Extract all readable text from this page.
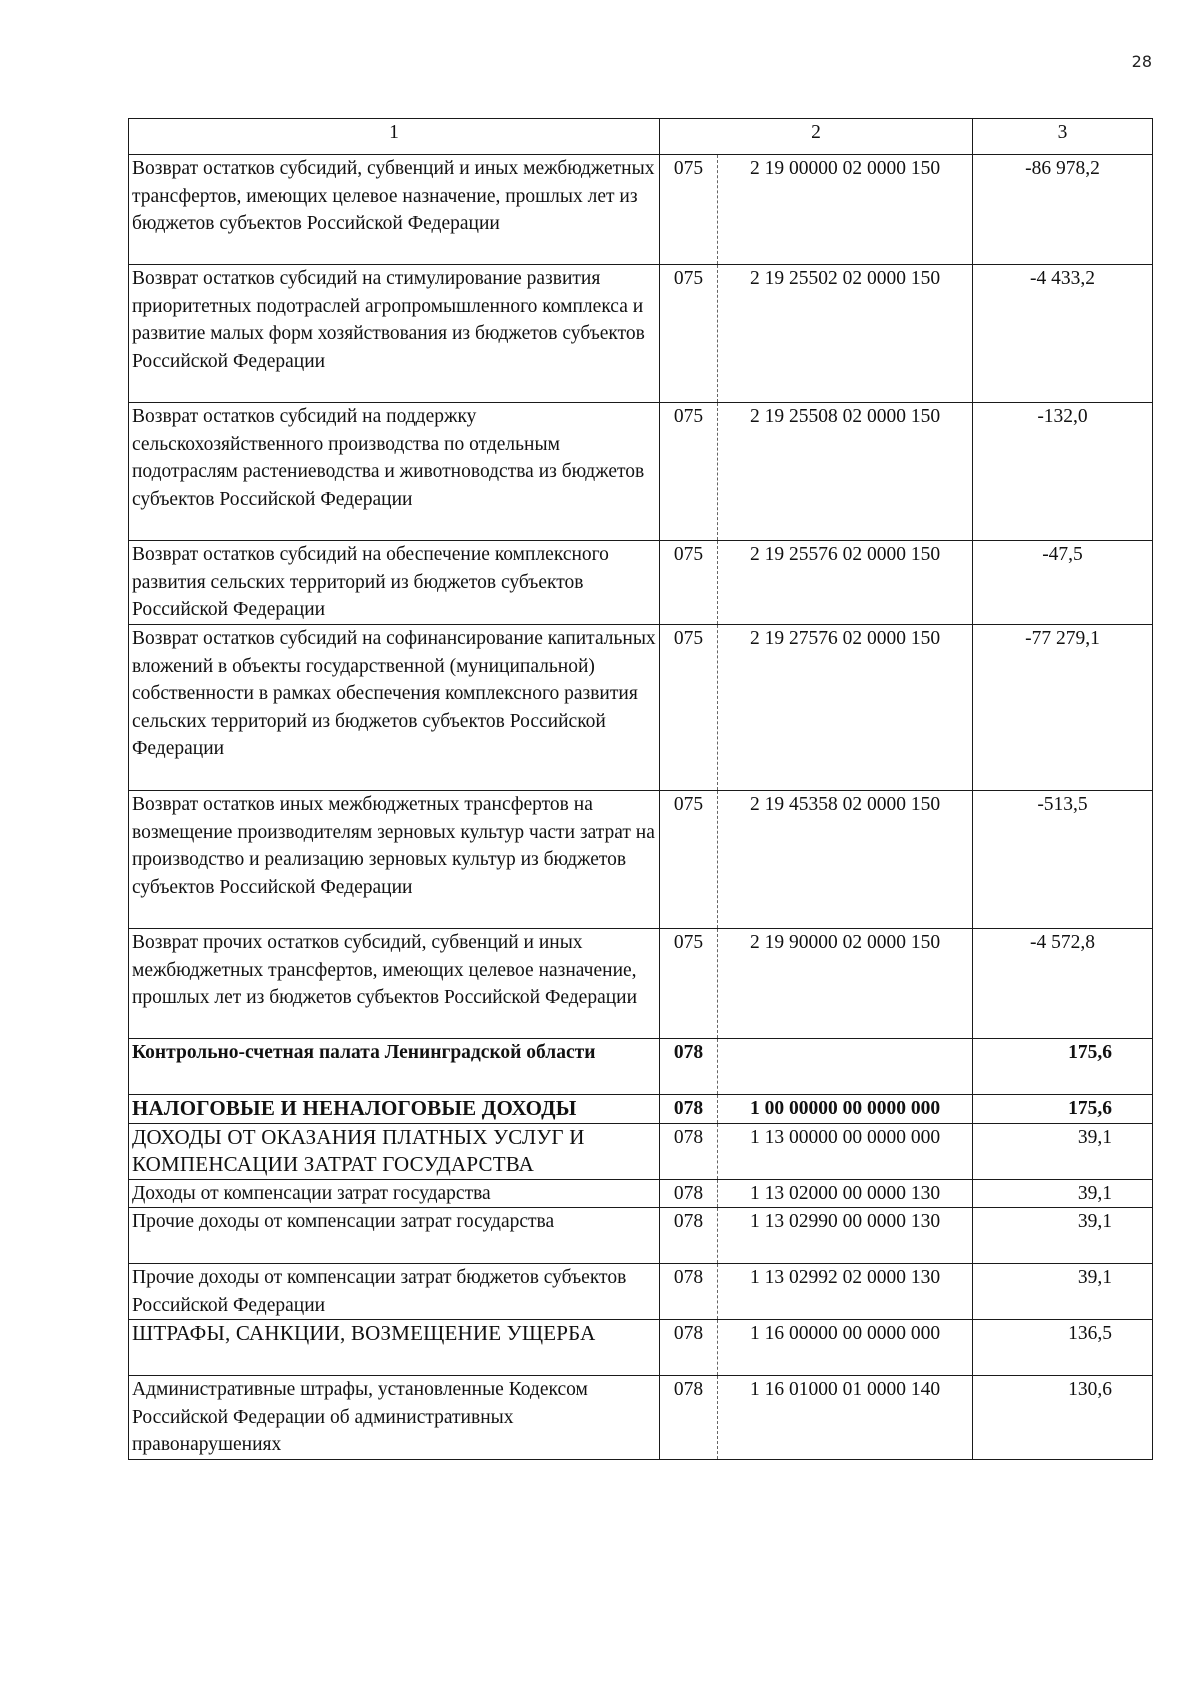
28
1	2		3
Возврат остатков субсидий, субвенций и иных межбюджетных трансфертов, имеющих целевое назначение, прошлых лет из бюджетов субъектов Российской Федерации	075	2 19 00000 02 0000 150	-86 978,2
Возврат остатков субсидий на стимулирование развития приоритетных подотраслей агропромышленного комплекса и развитие малых форм хозяйствования из бюджетов субъектов Российской Федерации	075	2 19 25502 02 0000 150	-4 433,2
Возврат остатков субсидий на поддержку сельскохозяйственного производства по отдельным подотраслям растениеводства и животноводства из бюджетов субъектов Российской Федерации	075	2 19 25508 02 0000 150	-132,0
Возврат остатков субсидий на обеспечение комплексного развития сельских территорий из бюджетов субъектов Российской Федерации	075	2 19 25576 02 0000 150	-47,5
Возврат остатков субсидий на софинансирование капитальных вложений в объекты государственной (муниципальной) собственности в рамках обеспечения комплексного развития сельских территорий из бюджетов субъектов Российской Федерации	075	2 19 27576 02 0000 150	-77 279,1
Возврат остатков иных межбюджетных трансфертов на возмещение производителям зерновых культур части затрат на производство и реализацию зерновых культур из бюджетов субъектов Российской Федерации	075	2 19 45358 02 0000 150	-513,5
Возврат прочих остатков субсидий, субвенций и иных межбюджетных трансфертов, имеющих целевое назначение, прошлых лет из бюджетов субъектов Российской Федерации	075	2 19 90000 02 0000 150	-4 572,8
Контрольно-счетная палата Ленинградской области	078		175,6
НАЛОГОВЫЕ И НЕНАЛОГОВЫЕ ДОХОДЫ	078	1 00 00000 00 0000 000	175,6
ДОХОДЫ ОТ ОКАЗАНИЯ ПЛАТНЫХ УСЛУГ И КОМПЕНСАЦИИ ЗАТРАТ ГОСУДАРСТВА	078	1 13 00000 00 0000 000	39,1
Доходы от компенсации затрат государства	078	1 13 02000 00 0000 130	39,1
Прочие доходы от компенсации затрат государства	078	1 13 02990 00 0000 130	39,1
Прочие доходы от компенсации затрат бюджетов субъектов Российской Федерации	078	1 13 02992 02 0000 130	39,1
ШТРАФЫ, САНКЦИИ, ВОЗМЕЩЕНИЕ УЩЕРБА	078	1 16 00000 00 0000 000	136,5
Административные штрафы, установленные Кодексом Российской Федерации об административных правонарушениях	078	1 16 01000 01 0000 140	130,6
